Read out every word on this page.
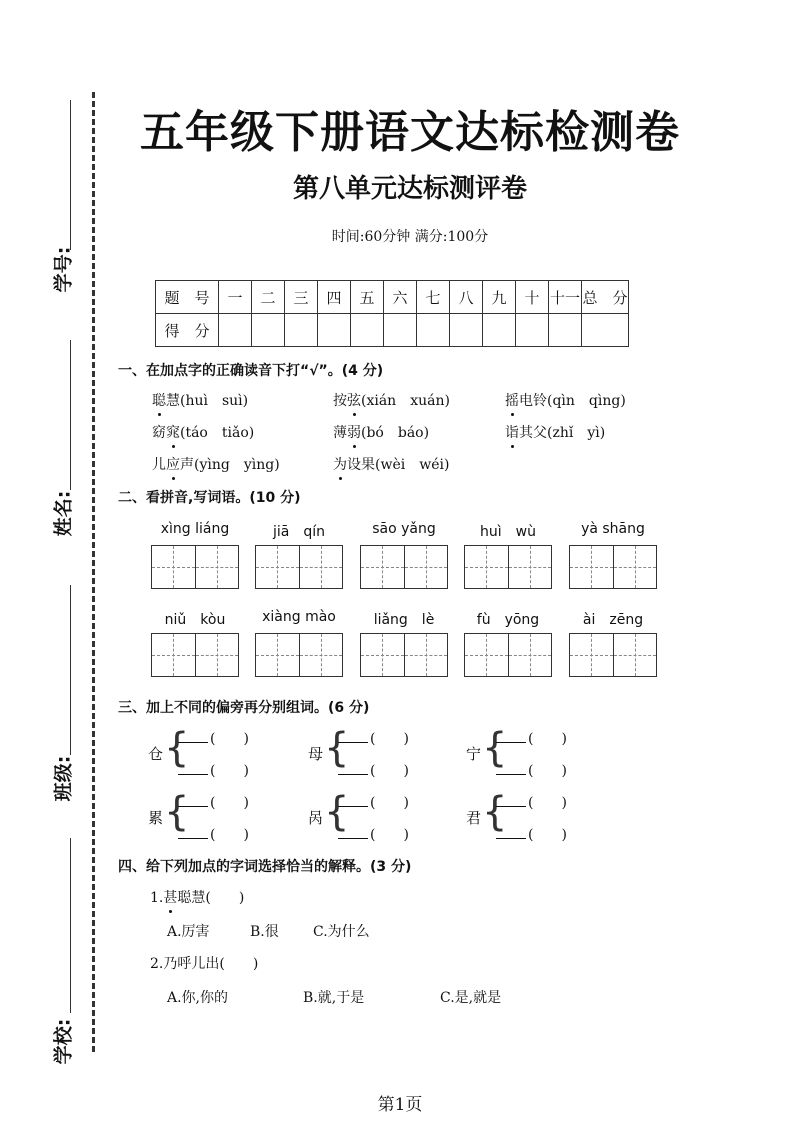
学号:
姓名:
班级:
学校:
五年级下册语文达标检测卷
第八单元达标测评卷
时间:60分钟 满分:100分
题　号	一	二	三	四	五	六	七	八	九	十	十一	总　分
得　分												
一、在加点字的正确读音下打“√”。(4 分)
聪慧(huì　suì)	按弦(xián　xuán)	摇电铃(qìn　qìng)
窈窕(táo　tiǎo)	薄弱(bó　báo)	诣其父(zhǐ　yì)
儿应声(yìng　yìng)	为设果(wèi　wéi)
二、看拼音,写词语。(10 分)
xìng liáng	jiā　qín	sāo yǎng	huì　wù	yà shāng
niǔ　kòu	xiàng mào	liǎng　lè	fù　yōng	ài　zēng
三、加上不同的偏旁再分别组词。(6 分)
仓 {	(　　)
(　　)
母 {	(　　)
(　　)
宁 {	(　　)
(　　)
累 {	(　　)
(　　)
呙 {	(　　)
(　　)
君 {	(　　)
(　　)
四、给下列加点的字词选择恰当的解释。(3 分)
1.甚聪慧(　　)
A.厉害	B.很 C.为什么
2.乃呼儿出(　　)
A.你,你的	B.就,于是	C.是,就是
第1页
